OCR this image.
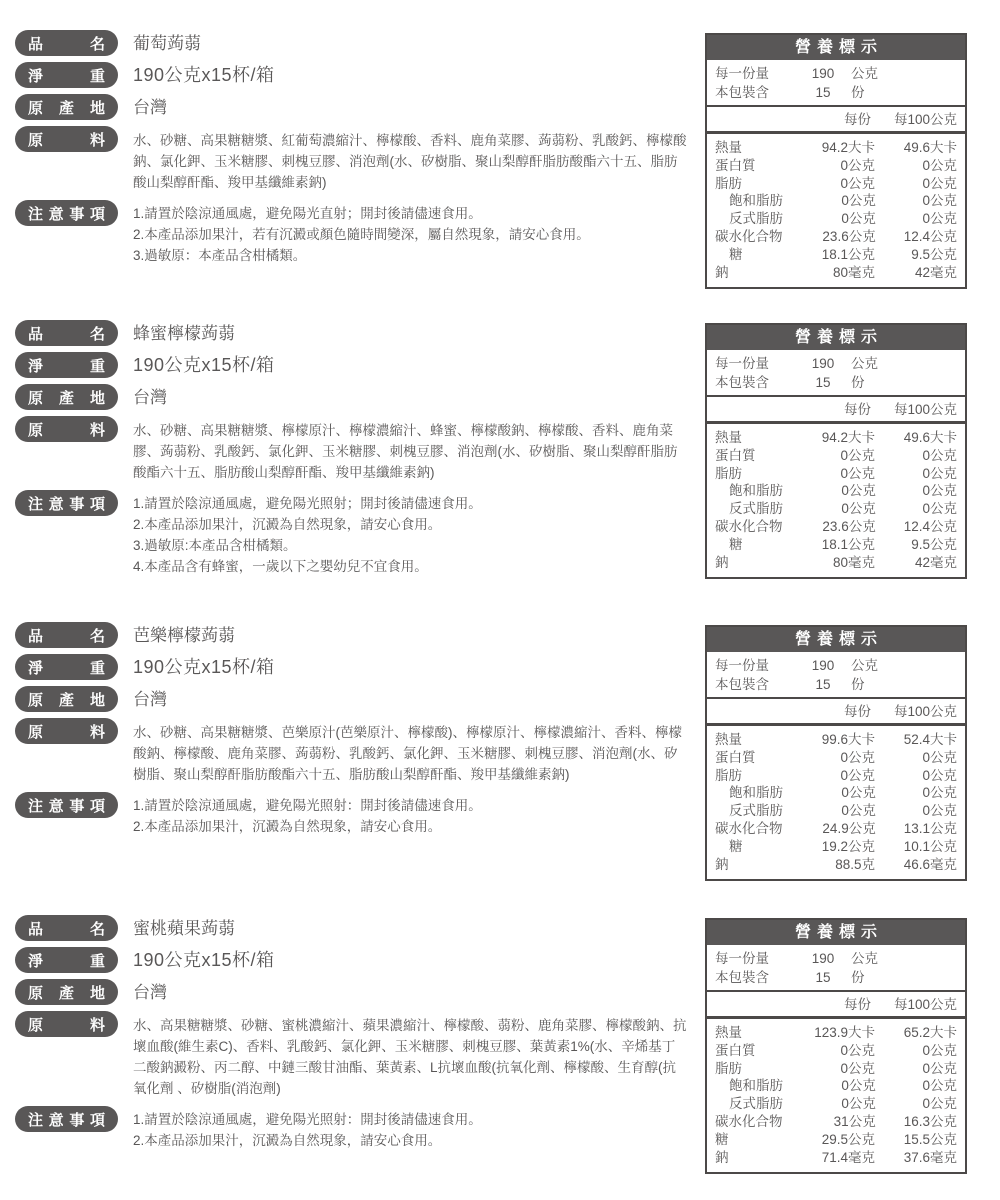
品	名 葡萄蒟蒻
淨	重 190公克x15杯/箱
原 產 地 台灣
原	料 水、砂糖、高果糖糖漿、紅葡萄濃縮汁、檸檬酸、香料、鹿角菜膠、蒟蒻粉、乳酸鈣、檸檬酸鈉、氯化鉀、玉米糖膠、刺槐豆膠、消泡劑(水、矽樹脂、聚山梨醇酐脂肪酸酯六十五、脂肪酸山梨醇酐酯、羧甲基纖維素鈉)
注 意 事 項 1.請置於陰涼通風處，避免陽光直射；開封後請儘速食用。
2.本產品添加果汁，若有沉澱或顏色隨時間變深，屬自然現象，請安心食用。
3.過敏原：本產品含柑橘類。
營養標示
每一份量	190	公克
本包裝含	15	份
每份	每100公克
熱量	94.2大卡	49.6大卡
蛋白質	0公克	0公克
脂肪	0公克	0公克
飽和脂肪	0公克	0公克
反式脂肪	0公克	0公克
碳水化合物	23.6公克	12.4公克
糖	18.1公克	9.5公克
鈉	80毫克	42毫克
品	名 蜂蜜檸檬蒟蒻
淨	重 190公克x15杯/箱
原 產 地 台灣
原	料 水、砂糖、高果糖糖漿、檸檬原汁、檸檬濃縮汁、蜂蜜、檸檬酸鈉、檸檬酸、香料、鹿角菜膠、蒟蒻粉、乳酸鈣、氯化鉀、玉米糖膠、刺槐豆膠、消泡劑(水、矽樹脂、聚山梨醇酐脂肪酸酯六十五、脂肪酸山梨醇酐酯、羧甲基纖維素鈉)
注 意 事 項 1.請置於陰涼通風處，避免陽光照射；開封後請儘速食用。
2.本產品添加果汁，沉澱為自然現象，請安心食用。
3.過敏原:本產品含柑橘類。
4.本產品含有蜂蜜，一歲以下之嬰幼兒不宜食用。
營養標示
每一份量	190	公克
本包裝含	15	份
每份	每100公克
熱量	94.2大卡	49.6大卡
蛋白質	0公克	0公克
脂肪	0公克	0公克
飽和脂肪	0公克	0公克
反式脂肪	0公克	0公克
碳水化合物	23.6公克	12.4公克
糖	18.1公克	9.5公克
鈉	80毫克	42毫克
品	名 芭樂檸檬蒟蒻
淨	重 190公克x15杯/箱
原 產 地 台灣
原	料 水、砂糖、高果糖糖漿、芭樂原汁(芭樂原汁、檸檬酸)、檸檬原汁、檸檬濃縮汁、香料、檸檬酸鈉、檸檬酸、鹿角菜膠、蒟蒻粉、乳酸鈣、氯化鉀、玉米糖膠、刺槐豆膠、消泡劑(水、矽樹脂、聚山梨醇酐脂肪酸酯六十五、脂肪酸山梨醇酐酯、羧甲基纖維素鈉)
注 意 事 項 1.請置於陰涼通風處，避免陽光照射：開封後請儘速食用。
2.本產品添加果汁，沉澱為自然現象，請安心食用。
營養標示
每一份量	190	公克
本包裝含	15	份
每份	每100公克
熱量	99.6大卡	52.4大卡
蛋白質	0公克	0公克
脂肪	0公克	0公克
飽和脂肪	0公克	0公克
反式脂肪	0公克	0公克
碳水化合物	24.9公克	13.1公克
糖	19.2公克	10.1公克
鈉	88.5克	46.6毫克
品	名 蜜桃蘋果蒟蒻
淨	重 190公克x15杯/箱
原 產 地 台灣
原	料 水、高果糖糖漿、砂糖、蜜桃濃縮汁、蘋果濃縮汁、檸檬酸、蒻粉、鹿角菜膠、檸檬酸鈉、抗壞血酸(維生素C)、香料、乳酸鈣、氯化鉀、玉米糖膠、刺槐豆膠、葉黃素1%(水、辛烯基丁二酸鈉澱粉、丙二醇、中鏈三酸甘油酯、葉黃素、L抗壞血酸(抗氧化劑、檸檬酸、生育醇(抗氧化劑 、矽樹脂(消泡劑)
注 意 事 項 1.請置於陰涼通風處，避免陽光照射：開封後請儘速食用。
2.本產品添加果汁，沉澱為自然現象，請安心食用。
營養標示
每一份量	190	公克
本包裝含	15	份
每份	每100公克
熱量	123.9大卡	65.2大卡
蛋白質	0公克	0公克
脂肪	0公克	0公克
飽和脂肪	0公克	0公克
反式脂肪	0公克	0公克
碳水化合物	31公克	16.3公克
糖	29.5公克	15.5公克
鈉	71.4毫克	37.6毫克
